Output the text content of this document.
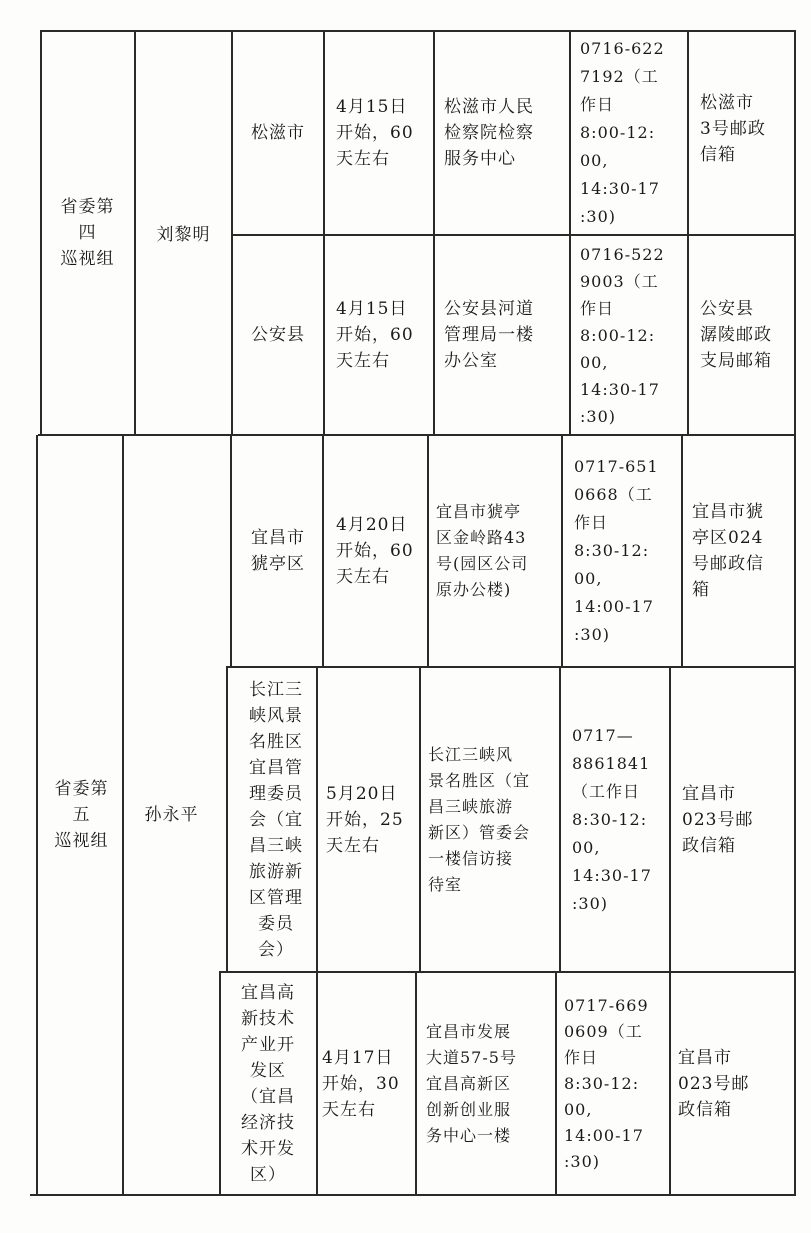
省委第
四
巡视组
刘黎明
松滋市
4月15日
开始，60
天左右
松滋市人民
检察院检察
服务中心
0716-622
7192（工
作日
8:00-12:
00,
14:30-17
:30)
松滋市
3号邮政
信箱
公安县
4月15日
开始，60
天左右
公安县河道
管理局一楼
办公室
0716-522
9003（工
作日
8:00-12:
00,
14:30-17
:30)
公安县
潺陵邮政
支局邮箱
省委第
五
巡视组
孙永平
宜昌市
猇亭区
4月20日
开始，60
天左右
宜昌市猇亭
区金岭路43
号(园区公司
原办公楼)
0717-651
0668（工
作日
8:30-12:
00,
14:00-17
:30)
宜昌市猇
亭区024
号邮政信
箱
长江三
峡风景
名胜区
宜昌管
理委员
会（宜
昌三峡
旅游新
区管理
委员
会）
5月20日
开始，25
天左右
长江三峡风
景名胜区（宜
昌三峡旅游
新区）管委会
一楼信访接
待室
0717—
8861841
（工作日
8:30-12:
00,
14:30-17
:30)
宜昌市
023号邮
政信箱
宜昌高
新技术
产业开
发区
（宜昌
经济技
术开发
区）
4月17日
开始，30
天左右
宜昌市发展
大道57-5号
宜昌高新区
创新创业服
务中心一楼
0717-669
0609（工
作日
8:30-12:
00,
14:00-17
:30)
宜昌市
023号邮
政信箱
